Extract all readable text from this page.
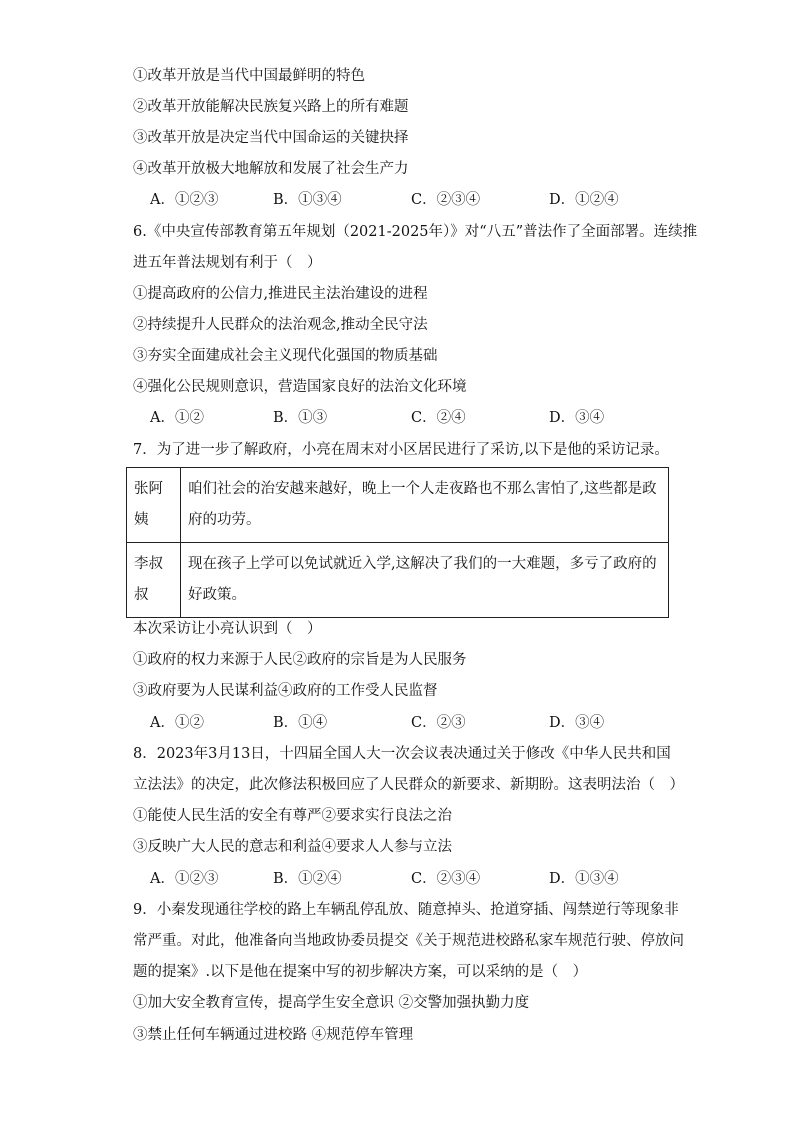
①改革开放是当代中国最鲜明的特色
②改革开放能解决民族复兴路上的所有难题
③改革开放是决定当代中国命运的关键抉择
④改革开放极大地解放和发展了社会生产力
A．①②③	B．①③④	C．②③④	D．①②④
6.《中央宣传部教育第五年规划（2021-2025年）》对“八五”普法作了全面部署。连续推
进五年普法规划有利于（　）
①提高政府的公信力,推进民主法治建设的进程
②持续提升人民群众的法治观念,推动全民守法
③夯实全面建成社会主义现代化强国的物质基础
④强化公民规则意识，营造国家良好的法治文化环境
A．①②	B．①③	C．②④	D．③④
7．为了进一步了解政府，小亮在周末对小区居民进行了采访,以下是他的采访记录。
张阿姨	咱们社会的治安越来越好，晚上一个人走夜路也不那么害怕了,这些都是政府的功劳。
李叔叔	现在孩子上学可以免试就近入学,这解决了我们的一大难题，多亏了政府的好政策。
本次采访让小亮认识到（　）
①政府的权力来源于人民②政府的宗旨是为人民服务
③政府要为人民谋利益④政府的工作受人民监督
A．①②	B．①④	C．②③	D．③④
8．2023年3月13日，十四届全国人大一次会议表决通过关于修改《中华人民共和国
立法法》的决定，此次修法积极回应了人民群众的新要求、新期盼。这表明法治（　）
①能使人民生活的安全有尊严②要求实行良法之治
③反映广大人民的意志和利益④要求人人参与立法
A．①②③	B．①②④	C．②③④	D．①③④
9．小秦发现通往学校的路上车辆乱停乱放、随意掉头、抢道穿插、闯禁逆行等现象非
常严重。对此，他准备向当地政协委员提交《关于规范进校路私家车规范行驶、停放问
题的提案》.以下是他在提案中写的初步解决方案，可以采纳的是（　）
①加大安全教育宣传，提高学生安全意识 ②交警加强执勤力度
③禁止任何车辆通过进校路 ④规范停车管理
